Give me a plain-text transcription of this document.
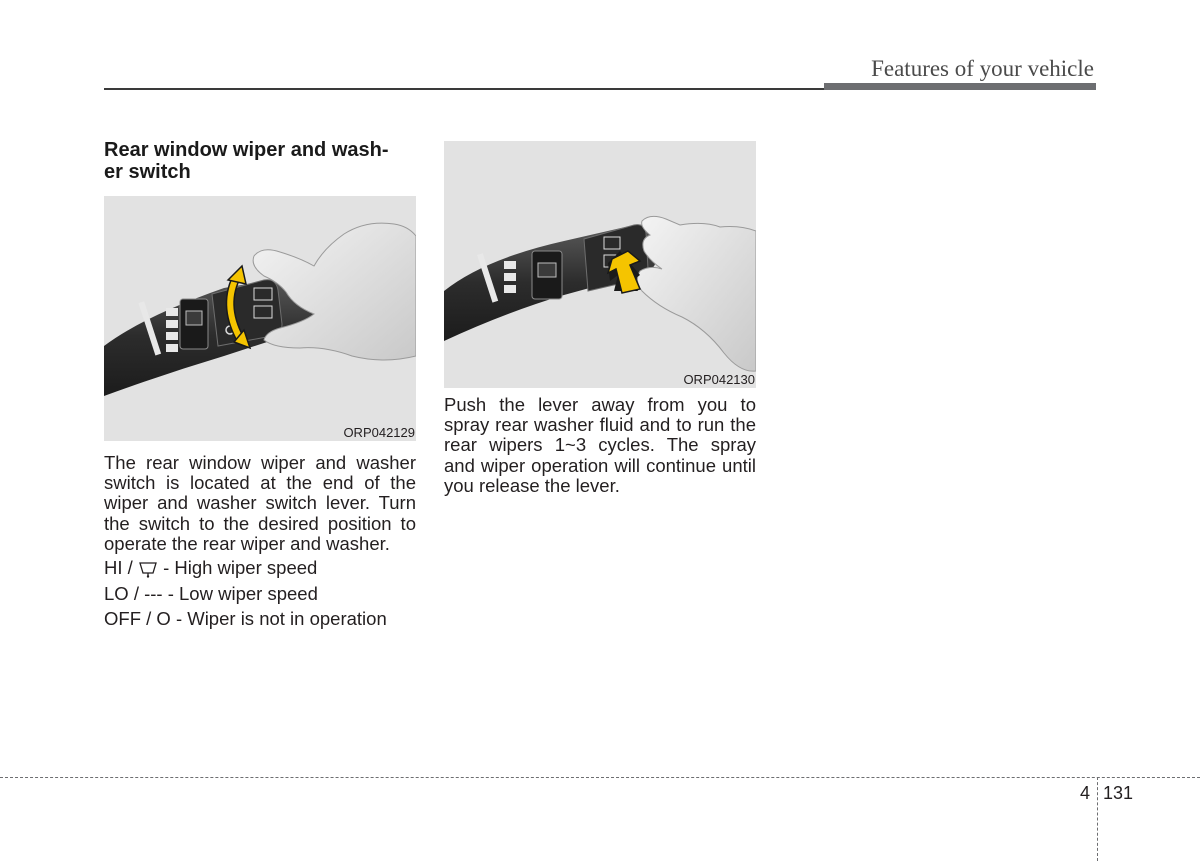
Features of your vehicle
Rear window wiper and wash-
er switch
ORP042129
The rear window wiper and washer switch is located at the end of the wiper and washer switch lever. Turn the switch to the desired position to operate the rear wiper and washer.
HI / - High wiper speed
LO / --- - Low wiper speed
OFF / O - Wiper is not in operation
ORP042130
Push the lever away from you to spray rear washer fluid and to run the rear wipers 1~3 cycles. The spray and wiper operation will continue until you release the lever.
4 131
